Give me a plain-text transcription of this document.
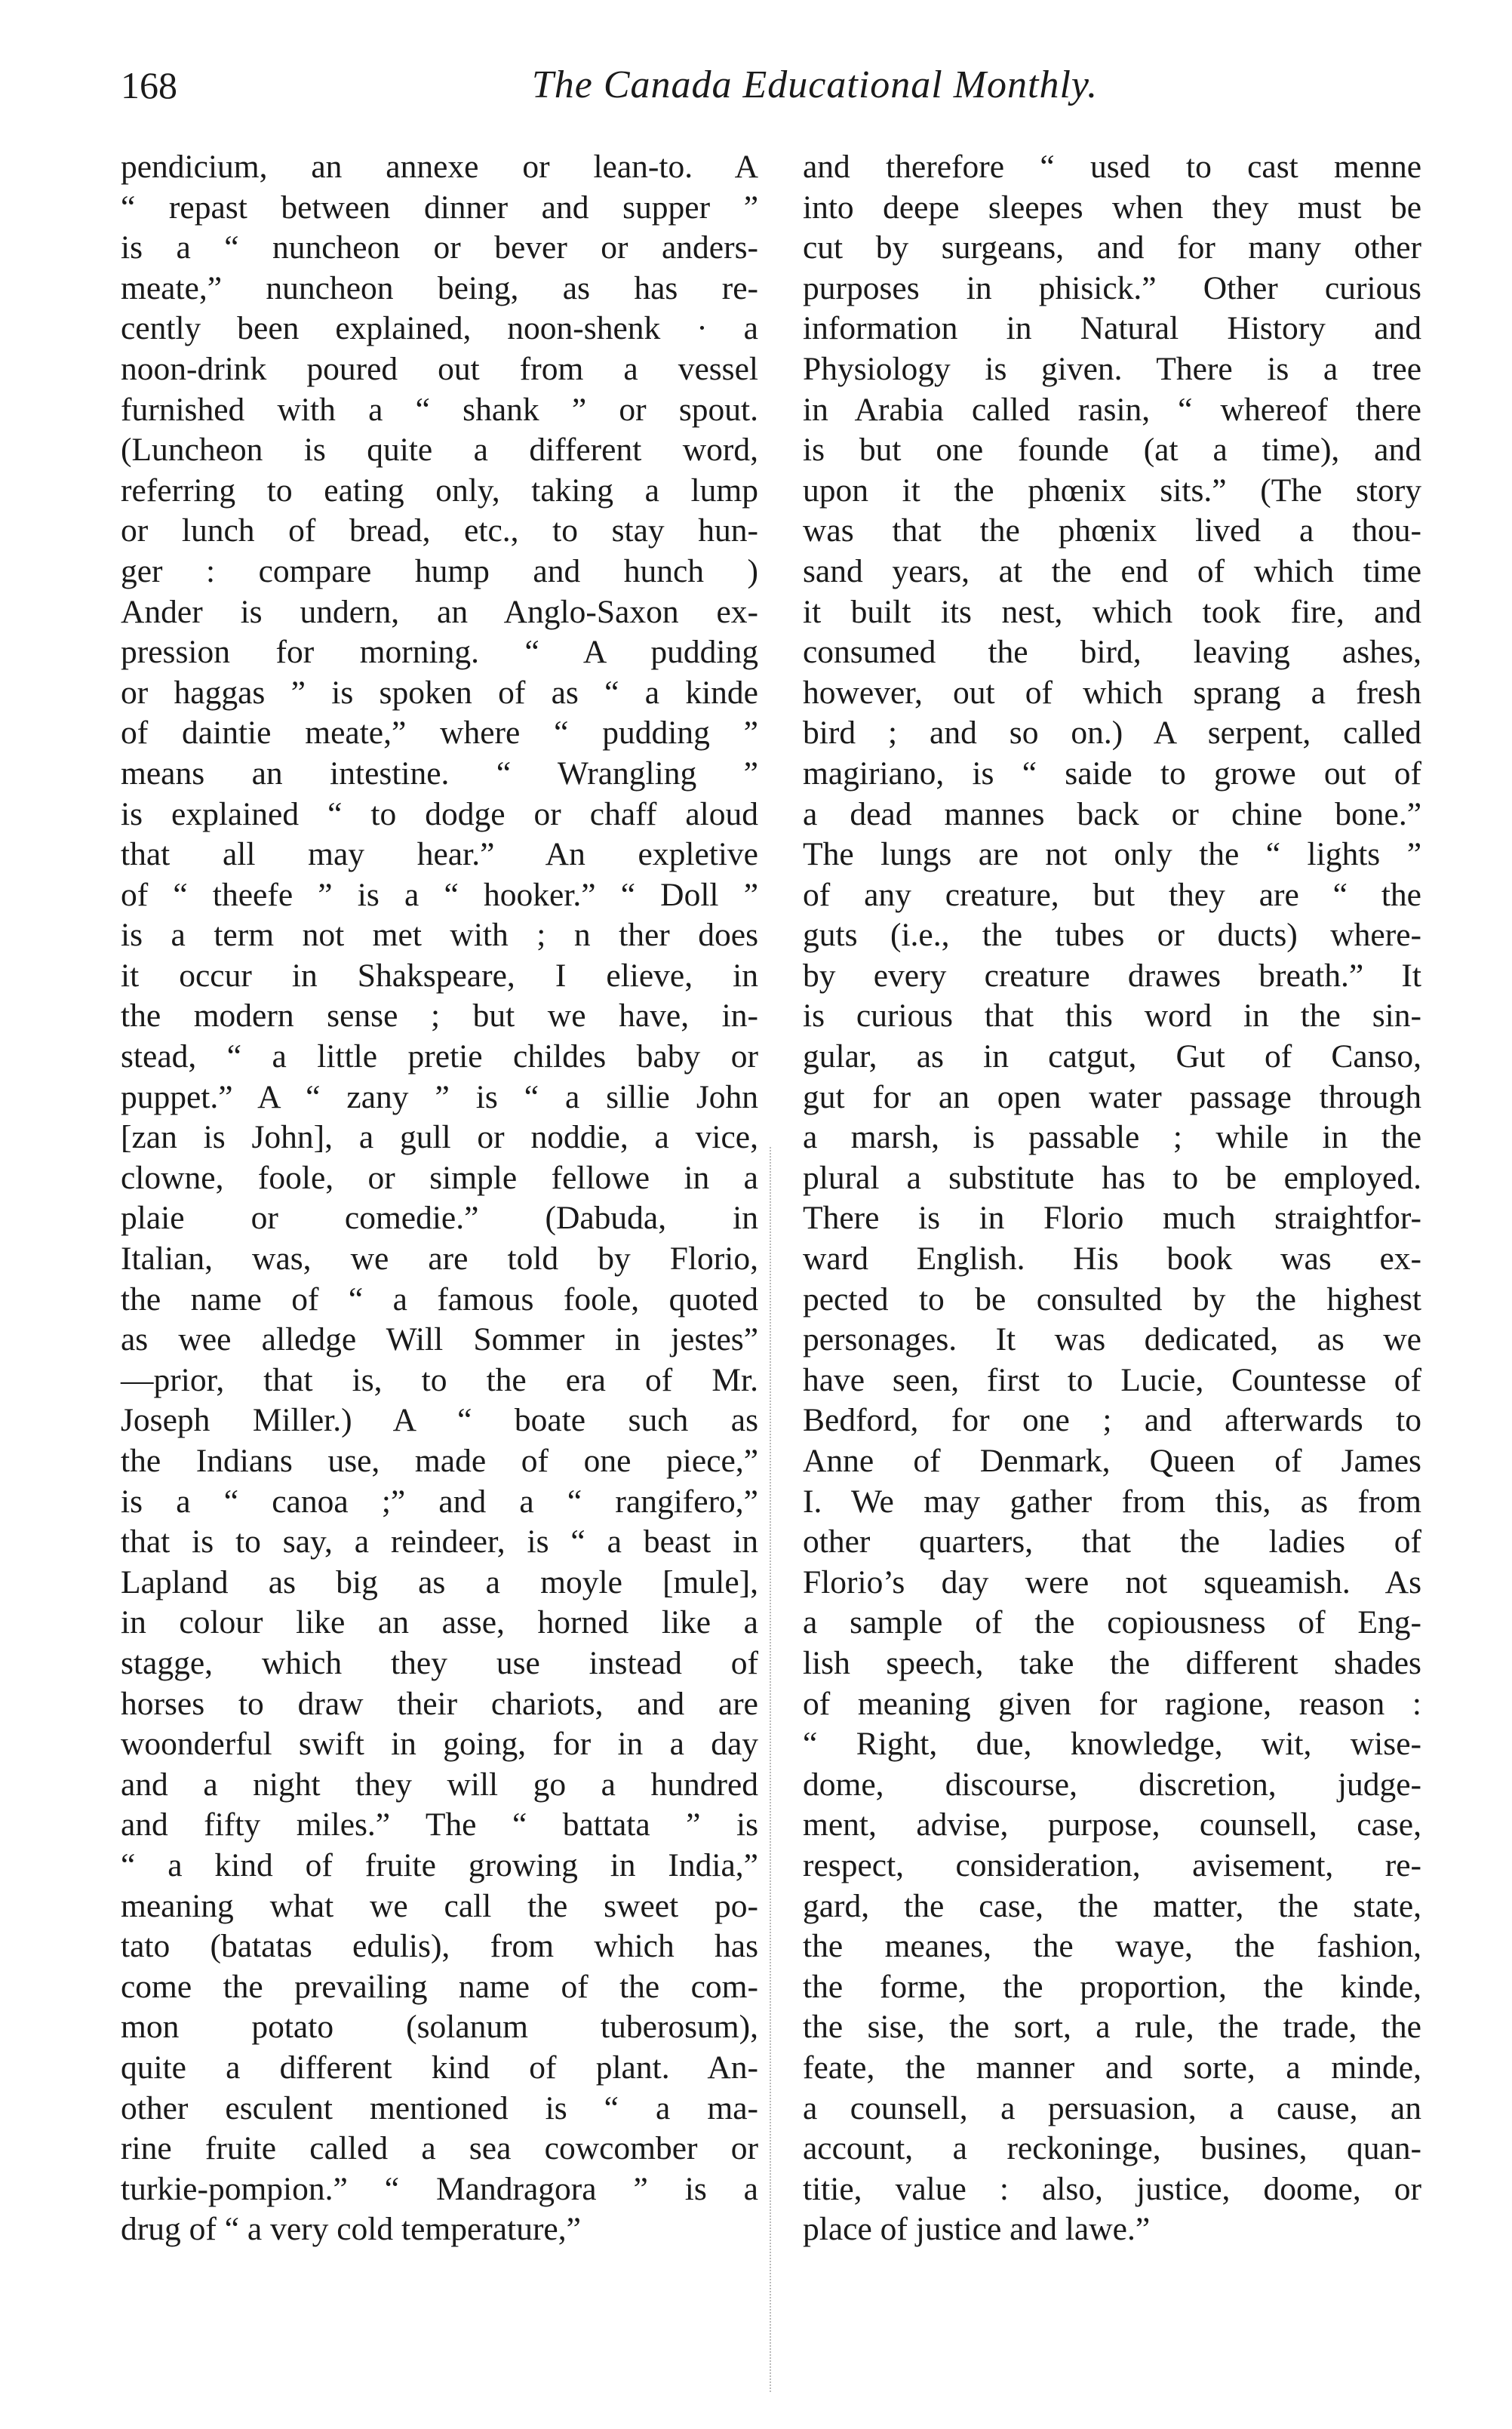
168	The Canada Educational Monthly.
pendicium, an annexe or lean-to. A
“ repast between dinner and supper ”
is a “ nuncheon or bever or anders-
meate,” nuncheon being, as has re-
cently been explained, noon-shenk · a
noon-drink poured out from a vessel
furnished with a “ shank ” or spout.
(Luncheon is quite a different word,
referring to eating only, taking a lump
or lunch of bread, etc., to stay hun-
ger : compare hump and hunch )
Ander is undern, an Anglo-Saxon ex-
pression for morning. “ A pudding
or haggas ” is spoken of as “ a kinde
of daintie meate,” where “ pudding ”
means an intestine. “ Wrangling ”
is explained “ to dodge or chaff aloud
that all may hear.” An expletive
of “ theefe ” is a “ hooker.” “ Doll ”
is a term not met with ; n ther does
it occur in Shakspeare, I elieve, in
the modern sense ; but we have, in-
stead, “ a little pretie childes baby or
puppet.” A “ zany ” is “ a sillie John
[zan is John], a gull or noddie, a vice,
clowne, foole, or simple fellowe in a
plaie or comedie.” (Dabuda, in
Italian, was, we are told by Florio,
the name of “ a famous foole, quoted
as wee alledge Will Sommer in jestes”
—prior, that is, to the era of Mr.
Joseph Miller.) A “ boate such as
the Indians use, made of one piece,”
is a “ canoa ;” and a “ rangifero,”
that is to say, a reindeer, is “ a beast in
Lapland as big as a moyle [mule],
in colour like an asse, horned like a
stagge, which they use instead of
horses to draw their chariots, and are
woonderful swift in going, for in a day
and a night they will go a hundred
and fifty miles.” The “ battata ” is
“ a kind of fruite growing in India,”
meaning what we call the sweet po-
tato (batatas edulis), from which has
come the prevailing name of the com-
mon potato (solanum tuberosum),
quite a different kind of plant. An-
other esculent mentioned is “ a ma-
rine fruite called a sea cowcomber or
turkie-pompion.” “ Mandragora ” is a
drug of “ a very cold temperature,”
and therefore “ used to cast menne
into deepe sleepes when they must be
cut by surgeans, and for many other
purposes in phisick.” Other curious
information in Natural History and
Physiology is given. There is a tree
in Arabia called rasin, “ whereof there
is but one founde (at a time), and
upon it the phœnix sits.” (The story
was that the phœnix lived a thou-
sand years, at the end of which time
it built its nest, which took fire, and
consumed the bird, leaving ashes,
however, out of which sprang a fresh
bird ; and so on.) A serpent, called
magiriano, is “ saide to growe out of
a dead mannes back or chine bone.”
The lungs are not only the “ lights ”
of any creature, but they are “ the
guts (i.e., the tubes or ducts) where-
by every creature drawes breath.” It
is curious that this word in the sin-
gular, as in catgut, Gut of Canso,
gut for an open water passage through
a marsh, is passable ; while in the
plural a substitute has to be employed.
There is in Florio much straightfor-
ward English. His book was ex-
pected to be consulted by the highest
personages. It was dedicated, as we
have seen, first to Lucie, Countesse of
Bedford, for one ; and afterwards to
Anne of Denmark, Queen of James
I. We may gather from this, as from
other quarters, that the ladies of
Florio’s day were not squeamish. As
a sample of the copiousness of Eng-
lish speech, take the different shades
of meaning given for ragione, reason :
“ Right, due, knowledge, wit, wise-
dome, discourse, discretion, judge-
ment, advise, purpose, counsell, case,
respect, consideration, avisement, re-
gard, the case, the matter, the state,
the meanes, the waye, the fashion,
the forme, the proportion, the kinde,
the sise, the sort, a rule, the trade, the
feate, the manner and sorte, a minde,
a counsell, a persuasion, a cause, an
account, a reckoninge, busines, quan-
titie, value : also, justice, doome, or
place of justice and lawe.”
